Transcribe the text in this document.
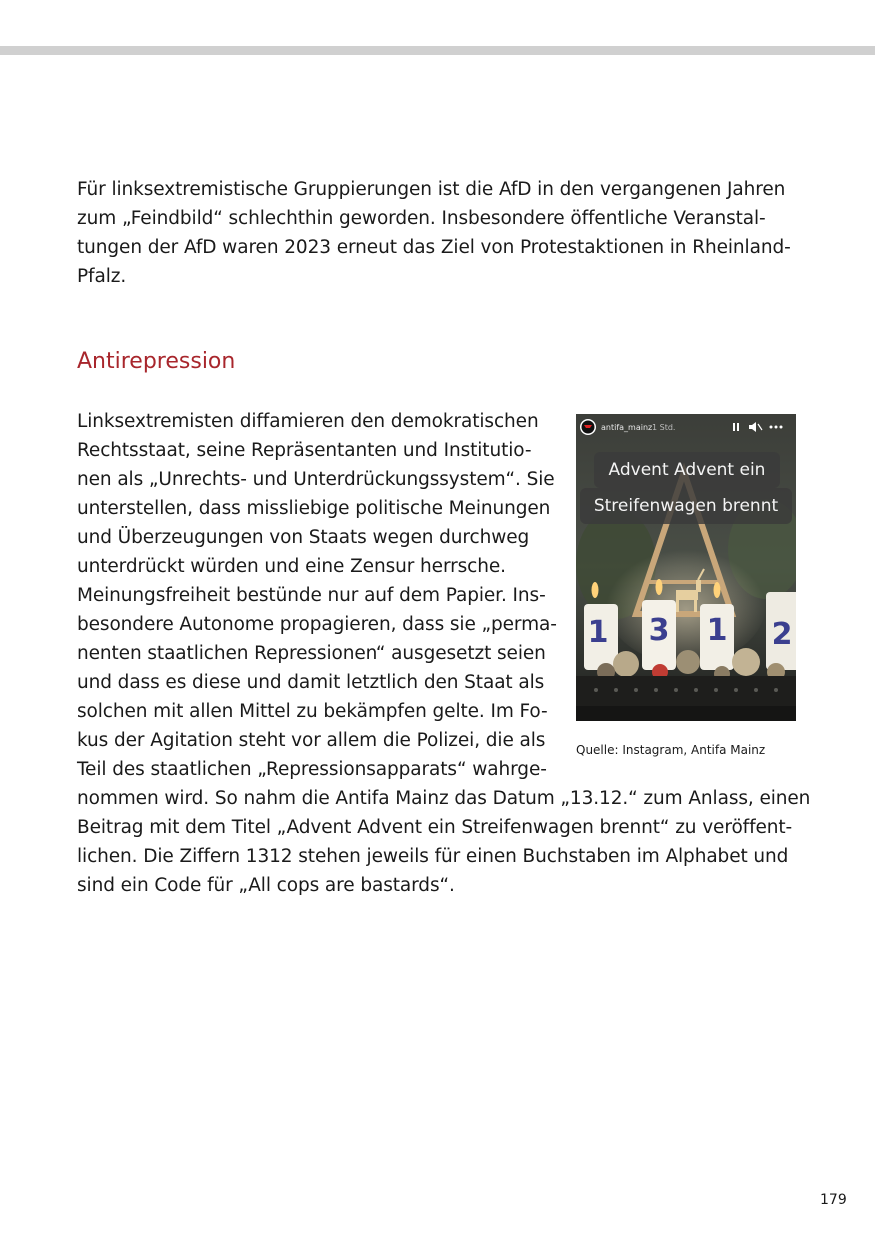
Für linksextremistische Gruppierungen ist die AfD in den vergangenen Jahren
zum „Feindbild“ schlechthin geworden. Insbesondere öffentliche Veranstal-
tungen der AfD waren 2023 erneut das Ziel von Protestaktionen in Rheinland-
Pfalz.

Antirepression

Linksextremisten diffamieren den demokratischen
Rechtsstaat, seine Repräsentanten und Institutio-
nen als „Unrechts- und Unterdrückungssystem“. Sie
unterstellen, dass missliebige politische Meinungen
und Überzeugungen von Staats wegen durchweg
unterdrückt würden und eine Zensur herrsche.
Meinungsfreiheit bestünde nur auf dem Papier. Ins-
besondere Autonome propagieren, dass sie „perma-
nenten staatlichen Repressionen“ ausgesetzt seien
und dass es diese und damit letztlich den Staat als
solchen mit allen Mittel zu bekämpfen gelte. Im Fo-
kus der Agitation steht vor allem die Polizei, die als
Teil des staatlichen „Repressionsapparats“ wahrge-
nommen wird. So nahm die Antifa Mainz das Datum „13.12.“ zum Anlass, einen
Beitrag mit dem Titel „Advent Advent ein Streifenwagen brennt“ zu veröffent-
lichen. Die Ziffern 1312 stehen jeweils für einen Buchstaben im Alphabet und
sind ein Code für „All cops are bastards“.

1 3 1 2
antifa_mainz 1 Std.
Advent Advent ein
Streifenwagen brennt
Quelle: Instagram, Antifa Mainz
179
